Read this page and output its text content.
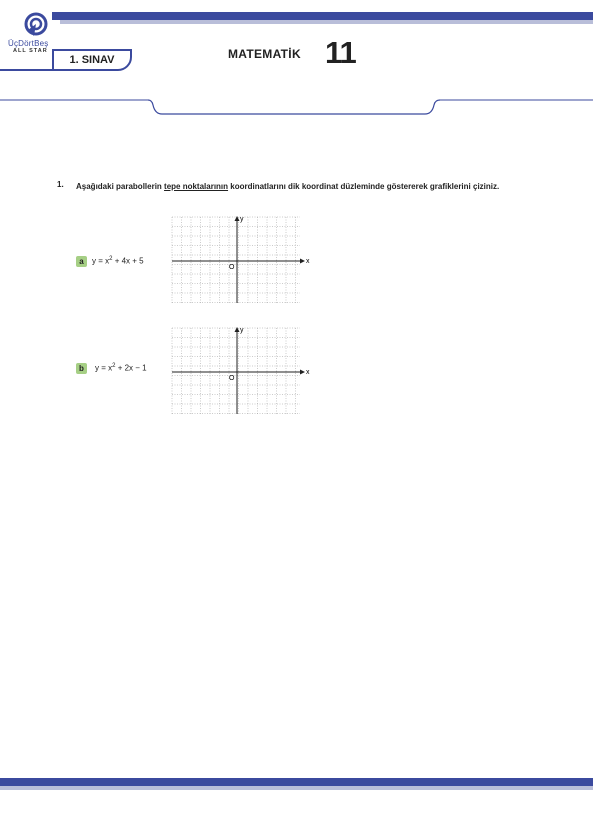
ÜçDörtBeş
ALL STAR
1. SINAV	MATEMATİK 11
1. Aşağıdaki parabollerin tepe noktalarının koordinatlarını dik koordinat düzleminde göstererek grafiklerini çiziniz.
a	$y = x^2 + 4x + 5$	x
y
O
b	$y = x^2 + 2x - 1$	x
y
O
